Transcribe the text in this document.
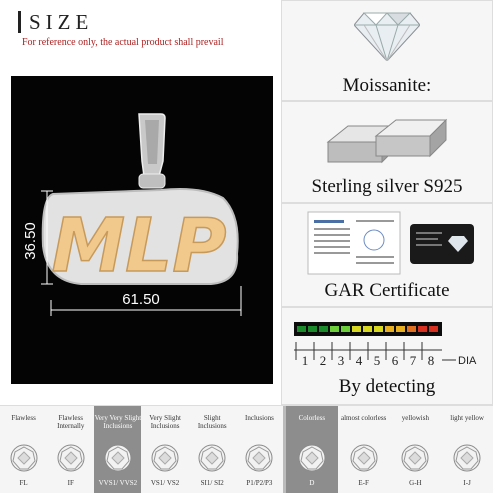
SIZE
For reference only, the actual product shall prevail
MLP
36.50
61.50
Moissanite:
Sterling silver S925
GAR Certificate
1 2 3 4 5 6 7 8 DIA
By detecting
Flawless
FL
Flawless Internally
IF
Very Very Slight Inclusions
VVS1/ VVS2
Very Slight Inclusions
VS1/ VS2
Slight Inclusions
SI1/ SI2
Inclusions
P1/P2/P3
Colorless
D
almost colorless
E-F
yellowish
G-H
light yellow
I-J
